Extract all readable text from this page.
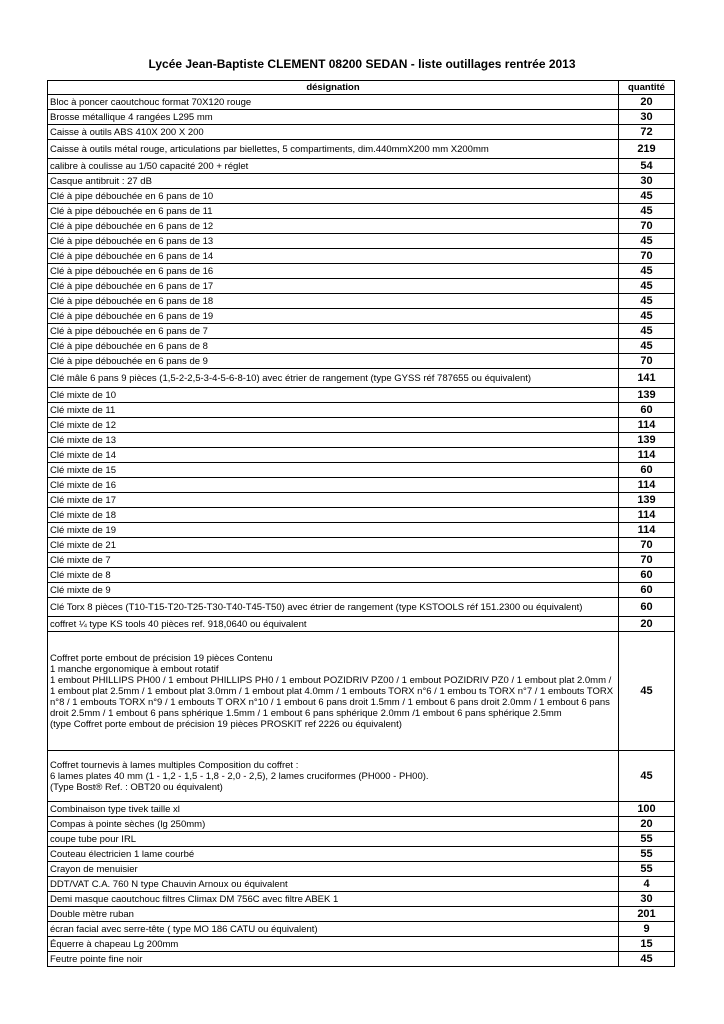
Lycée Jean-Baptiste CLEMENT 08200 SEDAN - liste outillages rentrée 2013
désignation	quantité
Bloc à poncer caoutchouc format 70X120 rouge	20
Brosse métallique 4 rangées L295 mm	30
Caisse à outils ABS 410X 200 X 200	72
Caisse à outils métal rouge, articulations par biellettes, 5 compartiments, dim.440mmX200 mm X200mm	219
calibre à coulisse au 1/50 capacité 200 + réglet	54
Casque antibruit : 27 dB	30
Clé à pipe débouchée en 6 pans de 10	45
Clé à pipe débouchée en 6 pans de 11	45
Clé à pipe débouchée en 6 pans de 12	70
Clé à pipe débouchée en 6 pans de 13	45
Clé à pipe débouchée en 6 pans de 14	70
Clé à pipe débouchée en 6 pans de 16	45
Clé à pipe débouchée en 6 pans de 17	45
Clé à pipe débouchée en 6 pans de 18	45
Clé à pipe débouchée en 6 pans de 19	45
Clé à pipe débouchée en 6 pans de 7	45
Clé à pipe débouchée en 6 pans de 8	45
Clé à pipe débouchée en 6 pans de 9	70
Clé mâle 6 pans 9 pièces (1,5-2-2,5-3-4-5-6-8-10) avec étrier de rangement (type GYSS réf 787655 ou équivalent)	141
Clé mixte de 10	139
Clé mixte de 11	60
Clé mixte de 12	114
Clé mixte de 13	139
Clé mixte de 14	114
Clé mixte de 15	60
Clé mixte de 16	114
Clé mixte de 17	139
Clé mixte de 18	114
Clé mixte de 19	114
Clé mixte de 21	70
Clé mixte de 7	70
Clé mixte de 8	60
Clé mixte de 9	60
Clé Torx 8 pièces (T10-T15-T20-T25-T30-T40-T45-T50) avec étrier de rangement (type KSTOOLS réf 151.2300 ou équivalent)	60
coffret ¼ type KS tools 40 pièces ref. 918,0640 ou équivalent	20
Coffret porte embout de précision 19 pièces Contenu
1 manche ergonomique à embout rotatif
1 embout PHILLIPS PH00 / 1 embout PHILLIPS PH0 / 1 embout POZIDRIV PZ00 / 1 embout POZIDRIV PZ0 / 1 embout plat 2.0mm / 1 embout plat 2.5mm / 1 embout plat 3.0mm / 1 embout plat 4.0mm / 1 embouts TORX n°6 / 1 embou ts TORX n°7 / 1 embouts TORX n°8 / 1 embouts TORX n°9 / 1 embouts T ORX n°10 / 1 embout 6 pans droit 1.5mm / 1 embout 6 pans droit 2.0mm / 1 embout 6 pans droit 2.5mm / 1 embout 6 pans sphérique 1.5mm / 1 embout 6 pans sphérique 2.0mm /1 embout 6 pans sphérique 2.5mm
(type Coffret porte embout de précision 19 pièces PROSKIT ref 2226 ou équivalent)	45
Coffret tournevis à lames multiples Composition du coffret :
6 lames plates 40 mm (1 - 1,2 - 1,5 - 1,8 - 2,0 - 2,5), 2 lames cruciformes (PH000 - PH00).
(Type Bost® Ref. : OBT20 ou équivalent)	45
Combinaison type tivek taille xl	100
Compas à pointe sèches (lg 250mm)	20
coupe tube pour IRL	55
Couteau électricien 1 lame courbé	55
Crayon de menuisier	55
DDT/VAT C.A. 760 N type Chauvin Arnoux ou équivalent	4
Demi masque caoutchouc filtres Climax DM 756C avec filtre ABEK 1	30
Double mètre ruban	201
écran facial avec serre-tête ( type MO 186 CATU ou équivalent)	9
Équerre à chapeau Lg 200mm	15
Feutre pointe fine noir	45
